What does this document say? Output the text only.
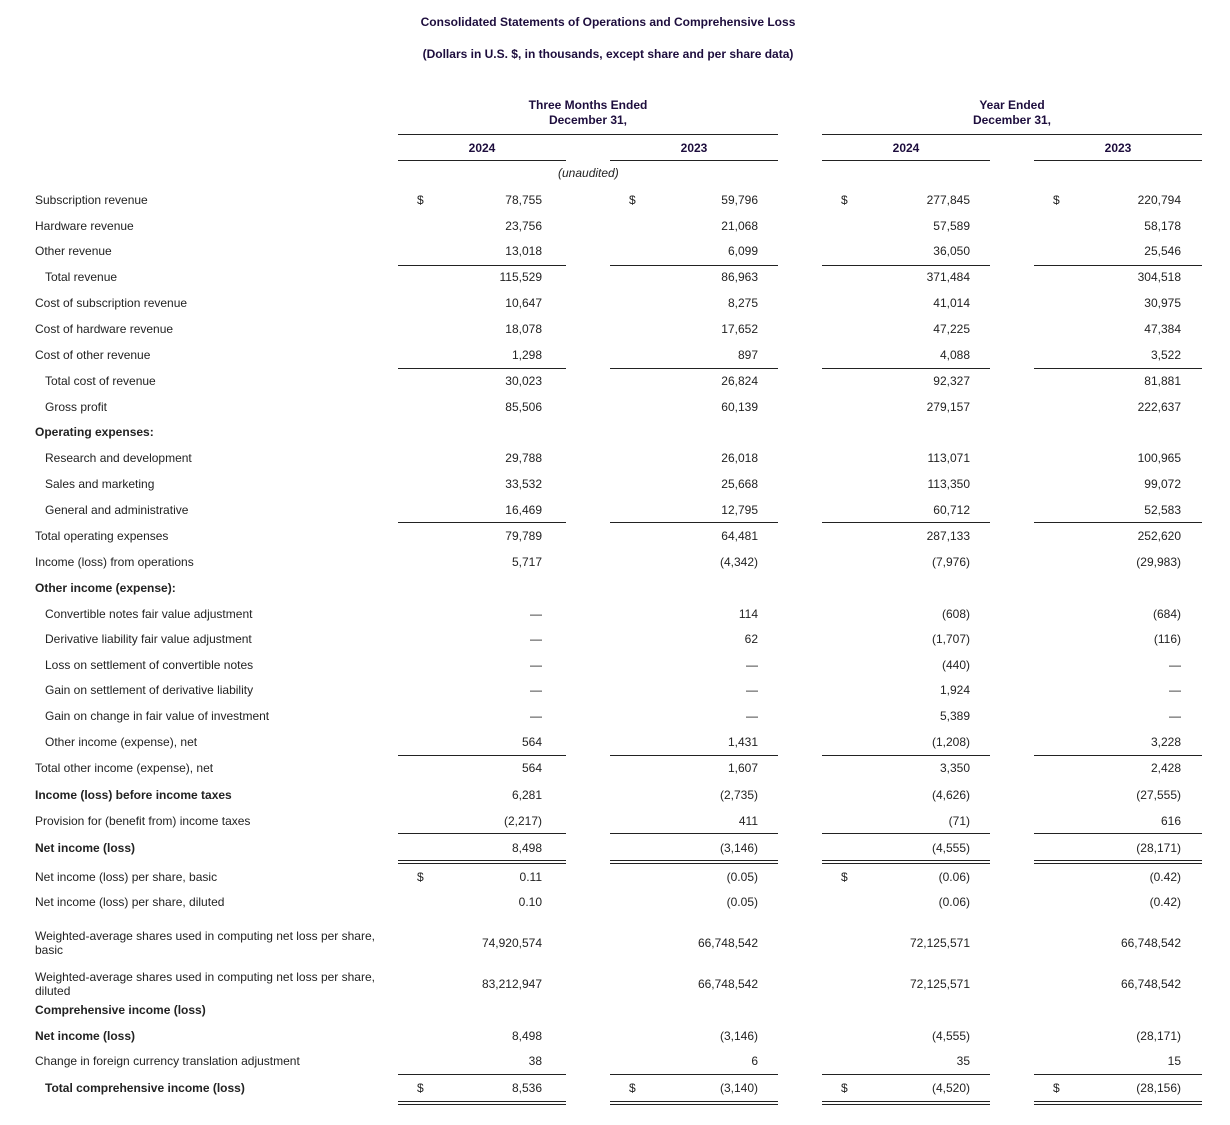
Consolidated Statements of Operations and Comprehensive Loss
(Dollars in U.S. $, in thousands, except share and per share data)
Three Months Ended
December 31,
Year Ended
December 31,
2024	2023	2024	2023
(unaudited)
Subscription revenue	$	78,755	$	59,796	$	277,845	$	220,794
Hardware revenue	23,756	21,068	57,589	58,178
Other revenue	13,018	6,099	36,050	25,546
Total revenue	115,529	86,963	371,484	304,518
Cost of subscription revenue	10,647	8,275	41,014	30,975
Cost of hardware revenue	18,078	17,652	47,225	47,384
Cost of other revenue	1,298	897	4,088	3,522
Total cost of revenue	30,023	26,824	92,327	81,881
Gross profit	85,506	60,139	279,157	222,637
Operating expenses:
Research and development	29,788	26,018	113,071	100,965
Sales and marketing	33,532	25,668	113,350	99,072
General and administrative	16,469	12,795	60,712	52,583
Total operating expenses	79,789	64,481	287,133	252,620
Income (loss) from operations	5,717	(4,342)	(7,976)	(29,983)
Other income (expense):
Convertible notes fair value adjustment	—	114	(608)	(684)
Derivative liability fair value adjustment	—	62	(1,707)	(116)
Loss on settlement of convertible notes	—	—	(440)	—
Gain on settlement of derivative liability	—	—	1,924	—
Gain on change in fair value of investment	—	—	5,389	—
Other income (expense), net	564	1,431	(1,208)	3,228
Total other income (expense), net	564	1,607	3,350	2,428
Income (loss) before income taxes	6,281	(2,735)	(4,626)	(27,555)
Provision for (benefit from) income taxes	(2,217)	411	(71)	616
Net income (loss)	8,498	(3,146)	(4,555)	(28,171)
Net income (loss) per share, basic	$	0.11	(0.05)	$	(0.06)	(0.42)
Net income (loss) per share, diluted	0.10	(0.05)	(0.06)	(0.42)
Weighted-average shares used in computing net loss per share, basic	74,920,574	66,748,542	72,125,571	66,748,542
Weighted-average shares used in computing net loss per share, diluted	83,212,947	66,748,542	72,125,571	66,748,542
Comprehensive income (loss)
Net income (loss)	8,498	(3,146)	(4,555)	(28,171)
Change in foreign currency translation adjustment	38	6	35	15
Total comprehensive income (loss)	$	8,536	$	(3,140)	$	(4,520)	$	(28,156)
